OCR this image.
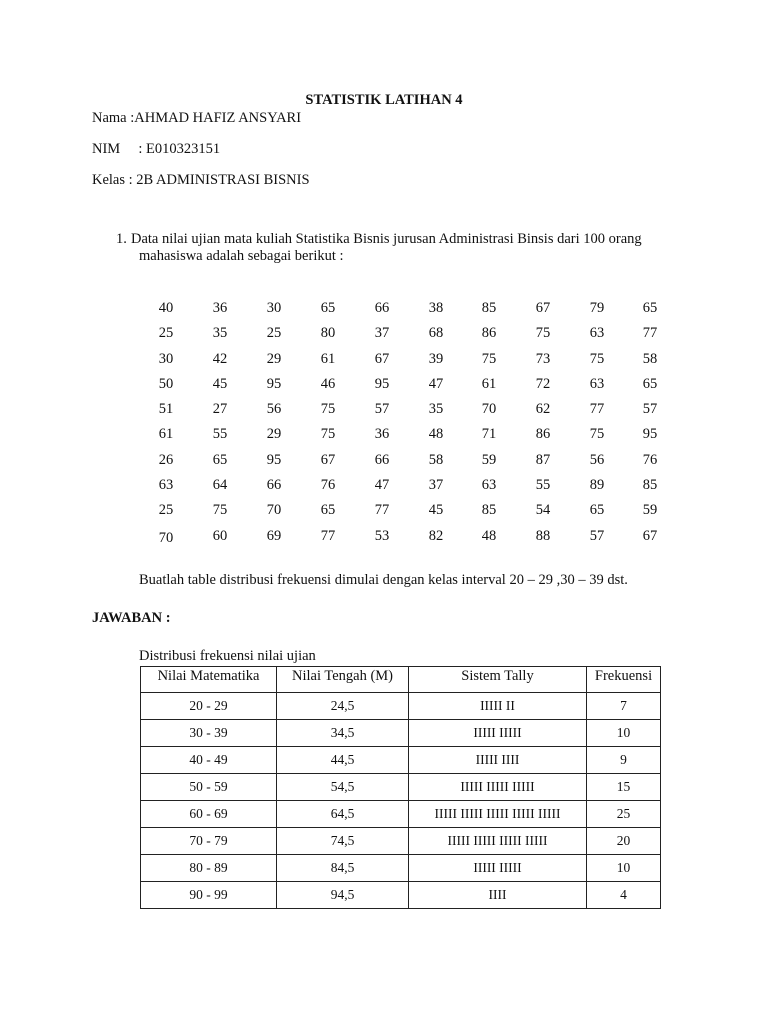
STATISTIK LATIHAN 4
Nama :AHMAD HAFIZ ANSYARI
NIM     : E010323151
Kelas : 2B ADMINISTRASI BISNIS
1. Data nilai ujian mata kuliah Statistika Bisnis jurusan Administrasi Binsis dari 100 orang
mahasiswa adalah sebagai berikut :
40	36	30	65	66	38	85	67	79	65
25	35	25	80	37	68	86	75	63	77
30	42	29	61	67	39	75	73	75	58
50	45	95	46	95	47	61	72	63	65
51	27	56	75	57	35	70	62	77	57
61	55	29	75	36	48	71	86	75	95
26	65	95	67	66	58	59	87	56	76
63	64	66	76	47	37	63	55	89	85
25	75	70	65	77	45	85	54	65	59
70	60	69	77	53	82	48	88	57	67
Buatlah table distribusi frekuensi dimulai dengan kelas interval 20 – 29 ,30 – 39 dst.
JAWABAN :
Distribusi frekuensi nilai ujian
Nilai Matematika	Nilai Tengah (M)	Sistem Tally	Frekuensi
20 - 29	24,5	IIIII II	7
30 - 39	34,5	IIIII IIIII	10
40 - 49	44,5	IIIII IIII	9
50 - 59	54,5	IIIII IIIII IIIII	15
60 - 69	64,5	IIIII IIIII IIIII IIIII IIIII	25
70 - 79	74,5	IIIII IIIII IIIII IIIII	20
80 - 89	84,5	IIIII IIIII	10
90 - 99	94,5	IIII	4
